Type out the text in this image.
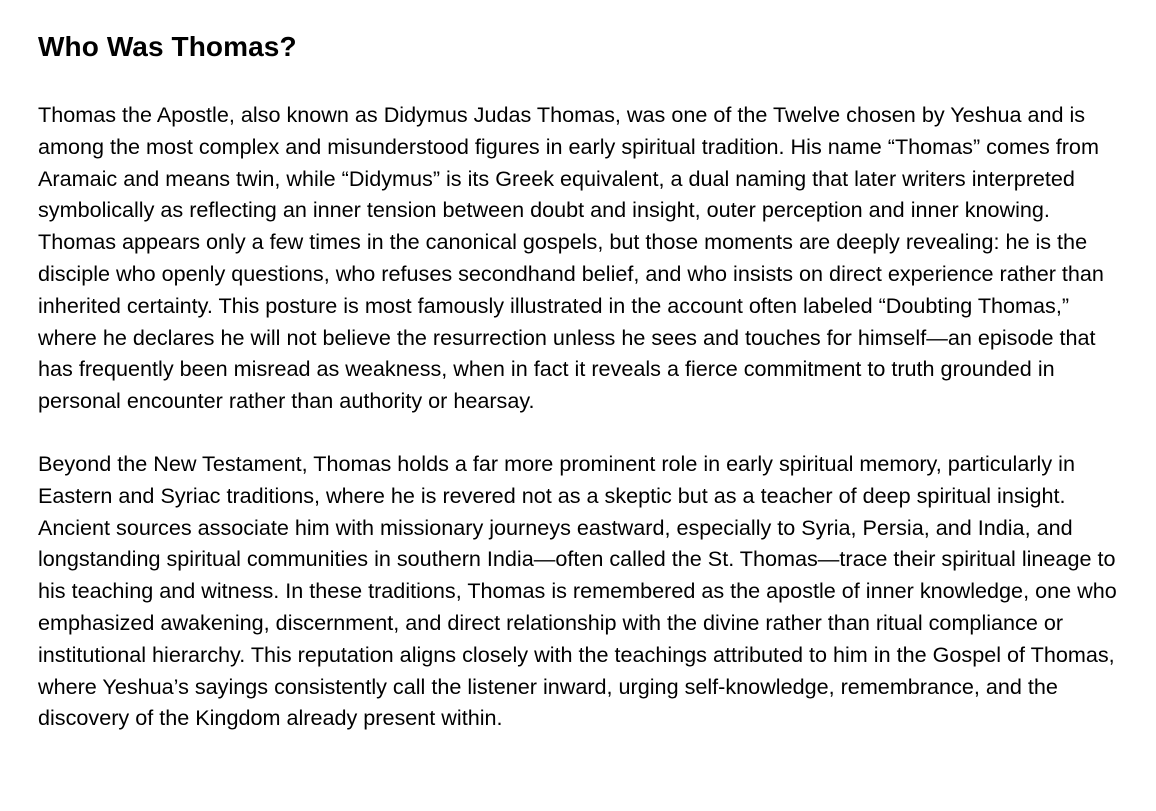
Who Was Thomas?

Thomas the Apostle, also known as Didymus Judas Thomas, was one of the Twelve chosen by Yeshua and is among the most complex and misunderstood figures in early spiritual tradition. His name “Thomas” comes from Aramaic and means twin, while “Didymus” is its Greek equivalent, a dual naming that later writers interpreted symbolically as reflecting an inner tension between doubt and insight, outer perception and inner knowing. Thomas appears only a few times in the canonical gospels, but those moments are deeply revealing: he is the disciple who openly questions, who refuses secondhand belief, and who insists on direct experience rather than inherited certainty. This posture is most famously illustrated in the account often labeled “Doubting Thomas,” where he declares he will not believe the resurrection unless he sees and touches for himself—an episode that has frequently been misread as weakness, when in fact it reveals a fierce commitment to truth grounded in personal encounter rather than authority or hearsay.

Beyond the New Testament, Thomas holds a far more prominent role in early spiritual memory, particularly in Eastern and Syriac traditions, where he is revered not as a skeptic but as a teacher of deep spiritual insight. Ancient sources associate him with missionary journeys eastward, especially to Syria, Persia, and India, and longstanding spiritual communities in southern India—often called the St. Thomas—trace their spiritual lineage to his teaching and witness. In these traditions, Thomas is remembered as the apostle of inner knowledge, one who emphasized awakening, discernment, and direct relationship with the divine rather than ritual compliance or institutional hierarchy. This reputation aligns closely with the teachings attributed to him in the Gospel of Thomas, where Yeshua’s sayings consistently call the listener inward, urging self-knowledge, remembrance, and the discovery of the Kingdom already present within.
